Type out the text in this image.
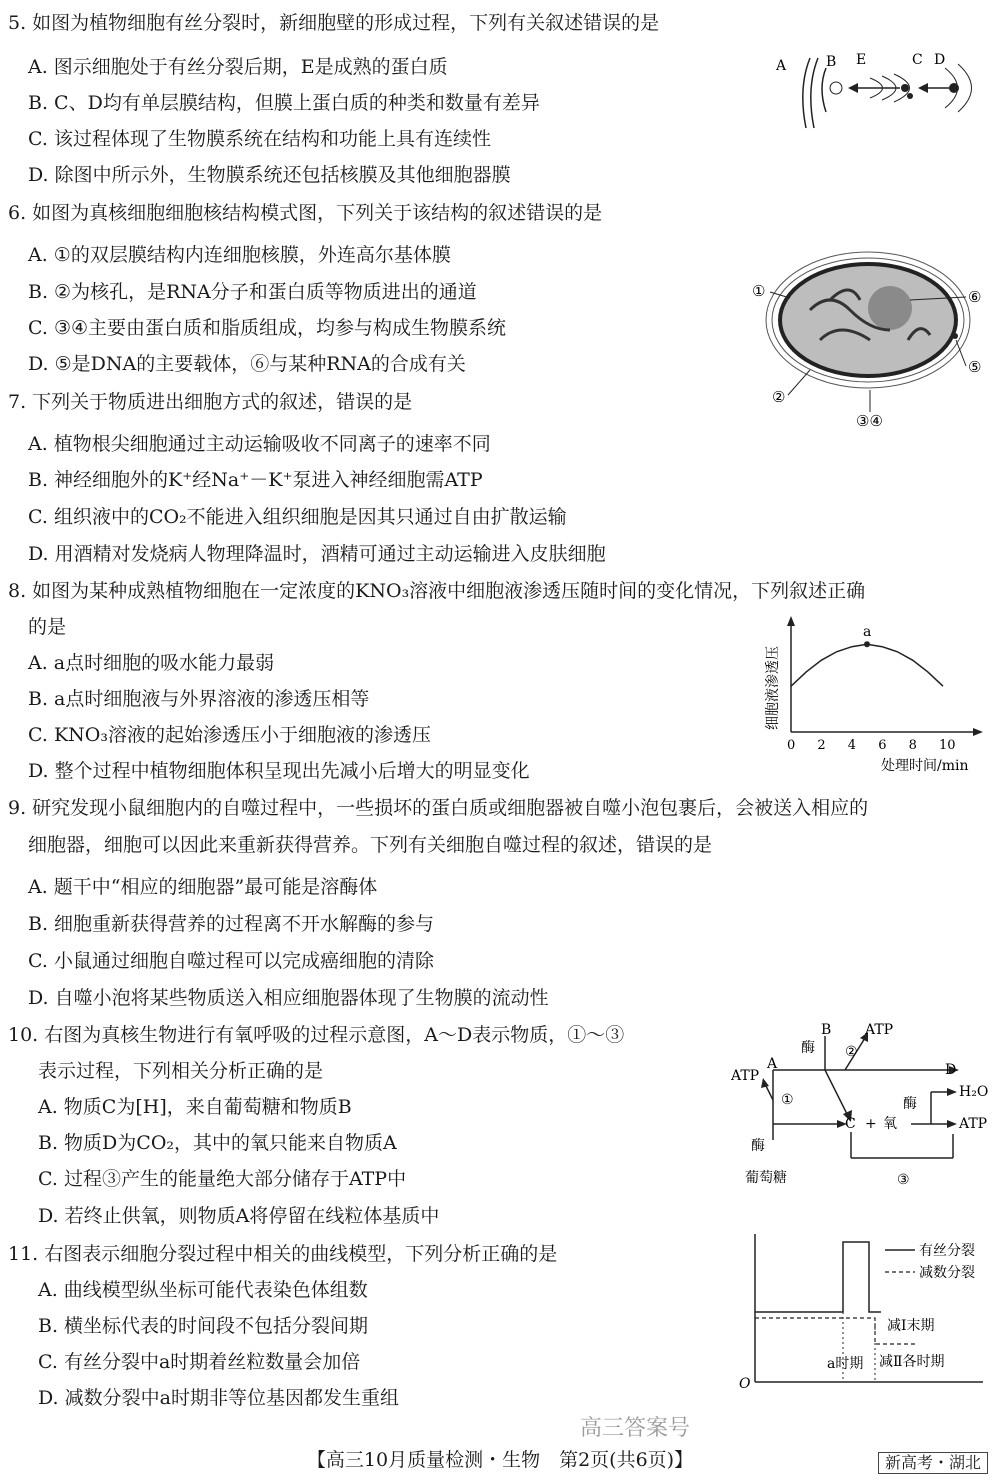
5. 如图为植物细胞有丝分裂时，新细胞壁的形成过程，下列有关叙述错误的是
A. 图示细胞处于有丝分裂后期，E是成熟的蛋白质
B. C、D均有单层膜结构，但膜上蛋白质的种类和数量有差异
C. 该过程体现了生物膜系统在结构和功能上具有连续性
D. 除图中所示外，生物膜系统还包括核膜及其他细胞器膜
A	B E	C D
6. 如图为真核细胞细胞核结构模式图，下列关于该结构的叙述错误的是
A. ①的双层膜结构内连细胞核膜，外连高尔基体膜
B. ②为核孔，是RNA分子和蛋白质等物质进出的通道
C. ③④主要由蛋白质和脂质组成，均参与构成生物膜系统
D. ⑤是DNA的主要载体，⑥与某种RNA的合成有关
①
②
⑥
⑤
③④
7. 下列关于物质进出细胞方式的叙述，错误的是
A. 植物根尖细胞通过主动运输吸收不同离子的速率不同
B. 神经细胞外的K⁺经Na⁺－K⁺泵进入神经细胞需ATP
C. 组织液中的CO₂不能进入组织细胞是因其只通过自由扩散运输
D. 用酒精对发烧病人物理降温时，酒精可通过主动运输进入皮肤细胞
8. 如图为某种成熟植物细胞在一定浓度的KNO₃溶液中细胞液渗透压随时间的变化情况，下列叙述正确
的是
A. a点时细胞的吸水能力最弱
B. a点时细胞液与外界溶液的渗透压相等
C. KNO₃溶液的起始渗透压小于细胞液的渗透压
D. 整个过程中植物细胞体积呈现出先减小后增大的明显变化
细胞液渗透压
处理时间/min
0 2 4 6 8 10
a
9. 研究发现小鼠细胞内的自噬过程中，一些损坏的蛋白质或细胞器被自噬小泡包裹后，会被送入相应的
细胞器，细胞可以因此来重新获得营养。下列有关细胞自噬过程的叙述，错误的是
A. 题干中“相应的细胞器”最可能是溶酶体
B. 细胞重新获得营养的过程离不开水解酶的参与
C. 小鼠通过细胞自噬过程可以完成癌细胞的清除
D. 自噬小泡将某些物质送入相应细胞器体现了生物膜的流动性
10. 右图为真核生物进行有氧呼吸的过程示意图，A～D表示物质，①～③
表示过程，下列相关分析正确的是
A. 物质C为[H]，来自葡萄糖和物质B
B. 物质D为CO₂，其中的氧只能来自物质A
C. 过程③产生的能量绝大部分储存于ATP中
D. 若终止供氧，则物质A将停留在线粒体基质中
B ATP
酶 ②
ATP
A	D
①	酶
H₂O
C + 氧	ATP
酶
葡萄糖	③
11. 右图表示细胞分裂过程中相关的曲线模型，下列分析正确的是
A. 曲线模型纵坐标可能代表染色体组数
B. 横坐标代表的时间段不包括分裂间期
C. 有丝分裂中a时期着丝粒数量会加倍
D. 减数分裂中a时期非等位基因都发生重组
有丝分裂
减数分裂
减Ⅰ末期
a时期 减Ⅱ各时期
O
【高三10月质量检测・生物　第2页(共6页)】	新高考・湖北
高三答案号
